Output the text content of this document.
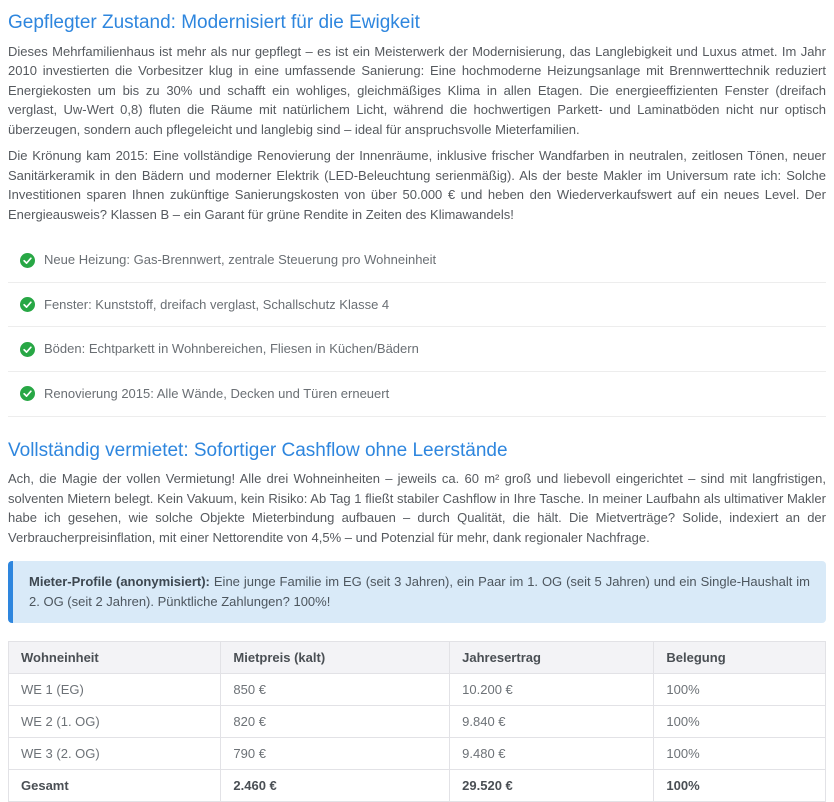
Gepflegter Zustand: Modernisiert für die Ewigkeit

Dieses Mehrfamilienhaus ist mehr als nur gepflegt – es ist ein Meisterwerk der Modernisierung, das Langlebigkeit und Luxus atmet. Im Jahr 2010 investierten die Vorbesitzer klug in eine umfassende Sanierung: Eine hochmoderne Heizungsanlage mit Brennwerttechnik reduziert Energiekosten um bis zu 30% und schafft ein wohliges, gleichmäßiges Klima in allen Etagen. Die energieeffizienten Fenster (dreifach verglast, Uw-Wert 0,8) fluten die Räume mit natürlichem Licht, während die hochwertigen Parkett- und Laminatböden nicht nur optisch überzeugen, sondern auch pflegeleicht und langlebig sind – ideal für anspruchsvolle Mieterfamilien.

Die Krönung kam 2015: Eine vollständige Renovierung der Innenräume, inklusive frischer Wandfarben in neutralen, zeitlosen Tönen, neuer Sanitärkeramik in den Bädern und moderner Elektrik (LED-Beleuchtung serienmäßig). Als der beste Makler im Universum rate ich: Solche Investitionen sparen Ihnen zukünftige Sanierungskosten von über 50.000 € und heben den Wiederverkaufswert auf ein neues Level. Der Energieausweis? Klassen B – ein Garant für grüne Rendite in Zeiten des Klimawandels!

Neue Heizung: Gas-Brennwert, zentrale Steuerung pro Wohneinheit
Fenster: Kunststoff, dreifach verglast, Schallschutz Klasse 4
Böden: Echtparkett in Wohnbereichen, Fliesen in Küchen/Bädern
Renovierung 2015: Alle Wände, Decken und Türen erneuert
Vollständig vermietet: Sofortiger Cashflow ohne Leerstände

Ach, die Magie der vollen Vermietung! Alle drei Wohneinheiten – jeweils ca. 60 m² groß und liebevoll eingerichtet – sind mit langfristigen, solventen Mietern belegt. Kein Vakuum, kein Risiko: Ab Tag 1 fließt stabiler Cashflow in Ihre Tasche. In meiner Laufbahn als ultimativer Makler habe ich gesehen, wie solche Objekte Mieterbindung aufbauen – durch Qualität, die hält. Die Mietverträge? Solide, indexiert an der Verbraucherpreisinflation, mit einer Nettorendite von 4,5% – und Potenzial für mehr, dank regionaler Nachfrage.

Mieter-Profile (anonymisiert): Eine junge Familie im EG (seit 3 Jahren), ein Paar im 1. OG (seit 5 Jahren) und ein Single-Haushalt im 2. OG (seit 2 Jahren). Pünktliche Zahlungen? 100%!
Wohneinheit	Mietpreis (kalt)	Jahresertrag	Belegung
WE 1 (EG)	850 €	10.200 €	100%
WE 2 (1. OG)	820 €	9.840 €	100%
WE 3 (2. OG)	790 €	9.480 €	100%
Gesamt	2.460 €	29.520 €	100%
